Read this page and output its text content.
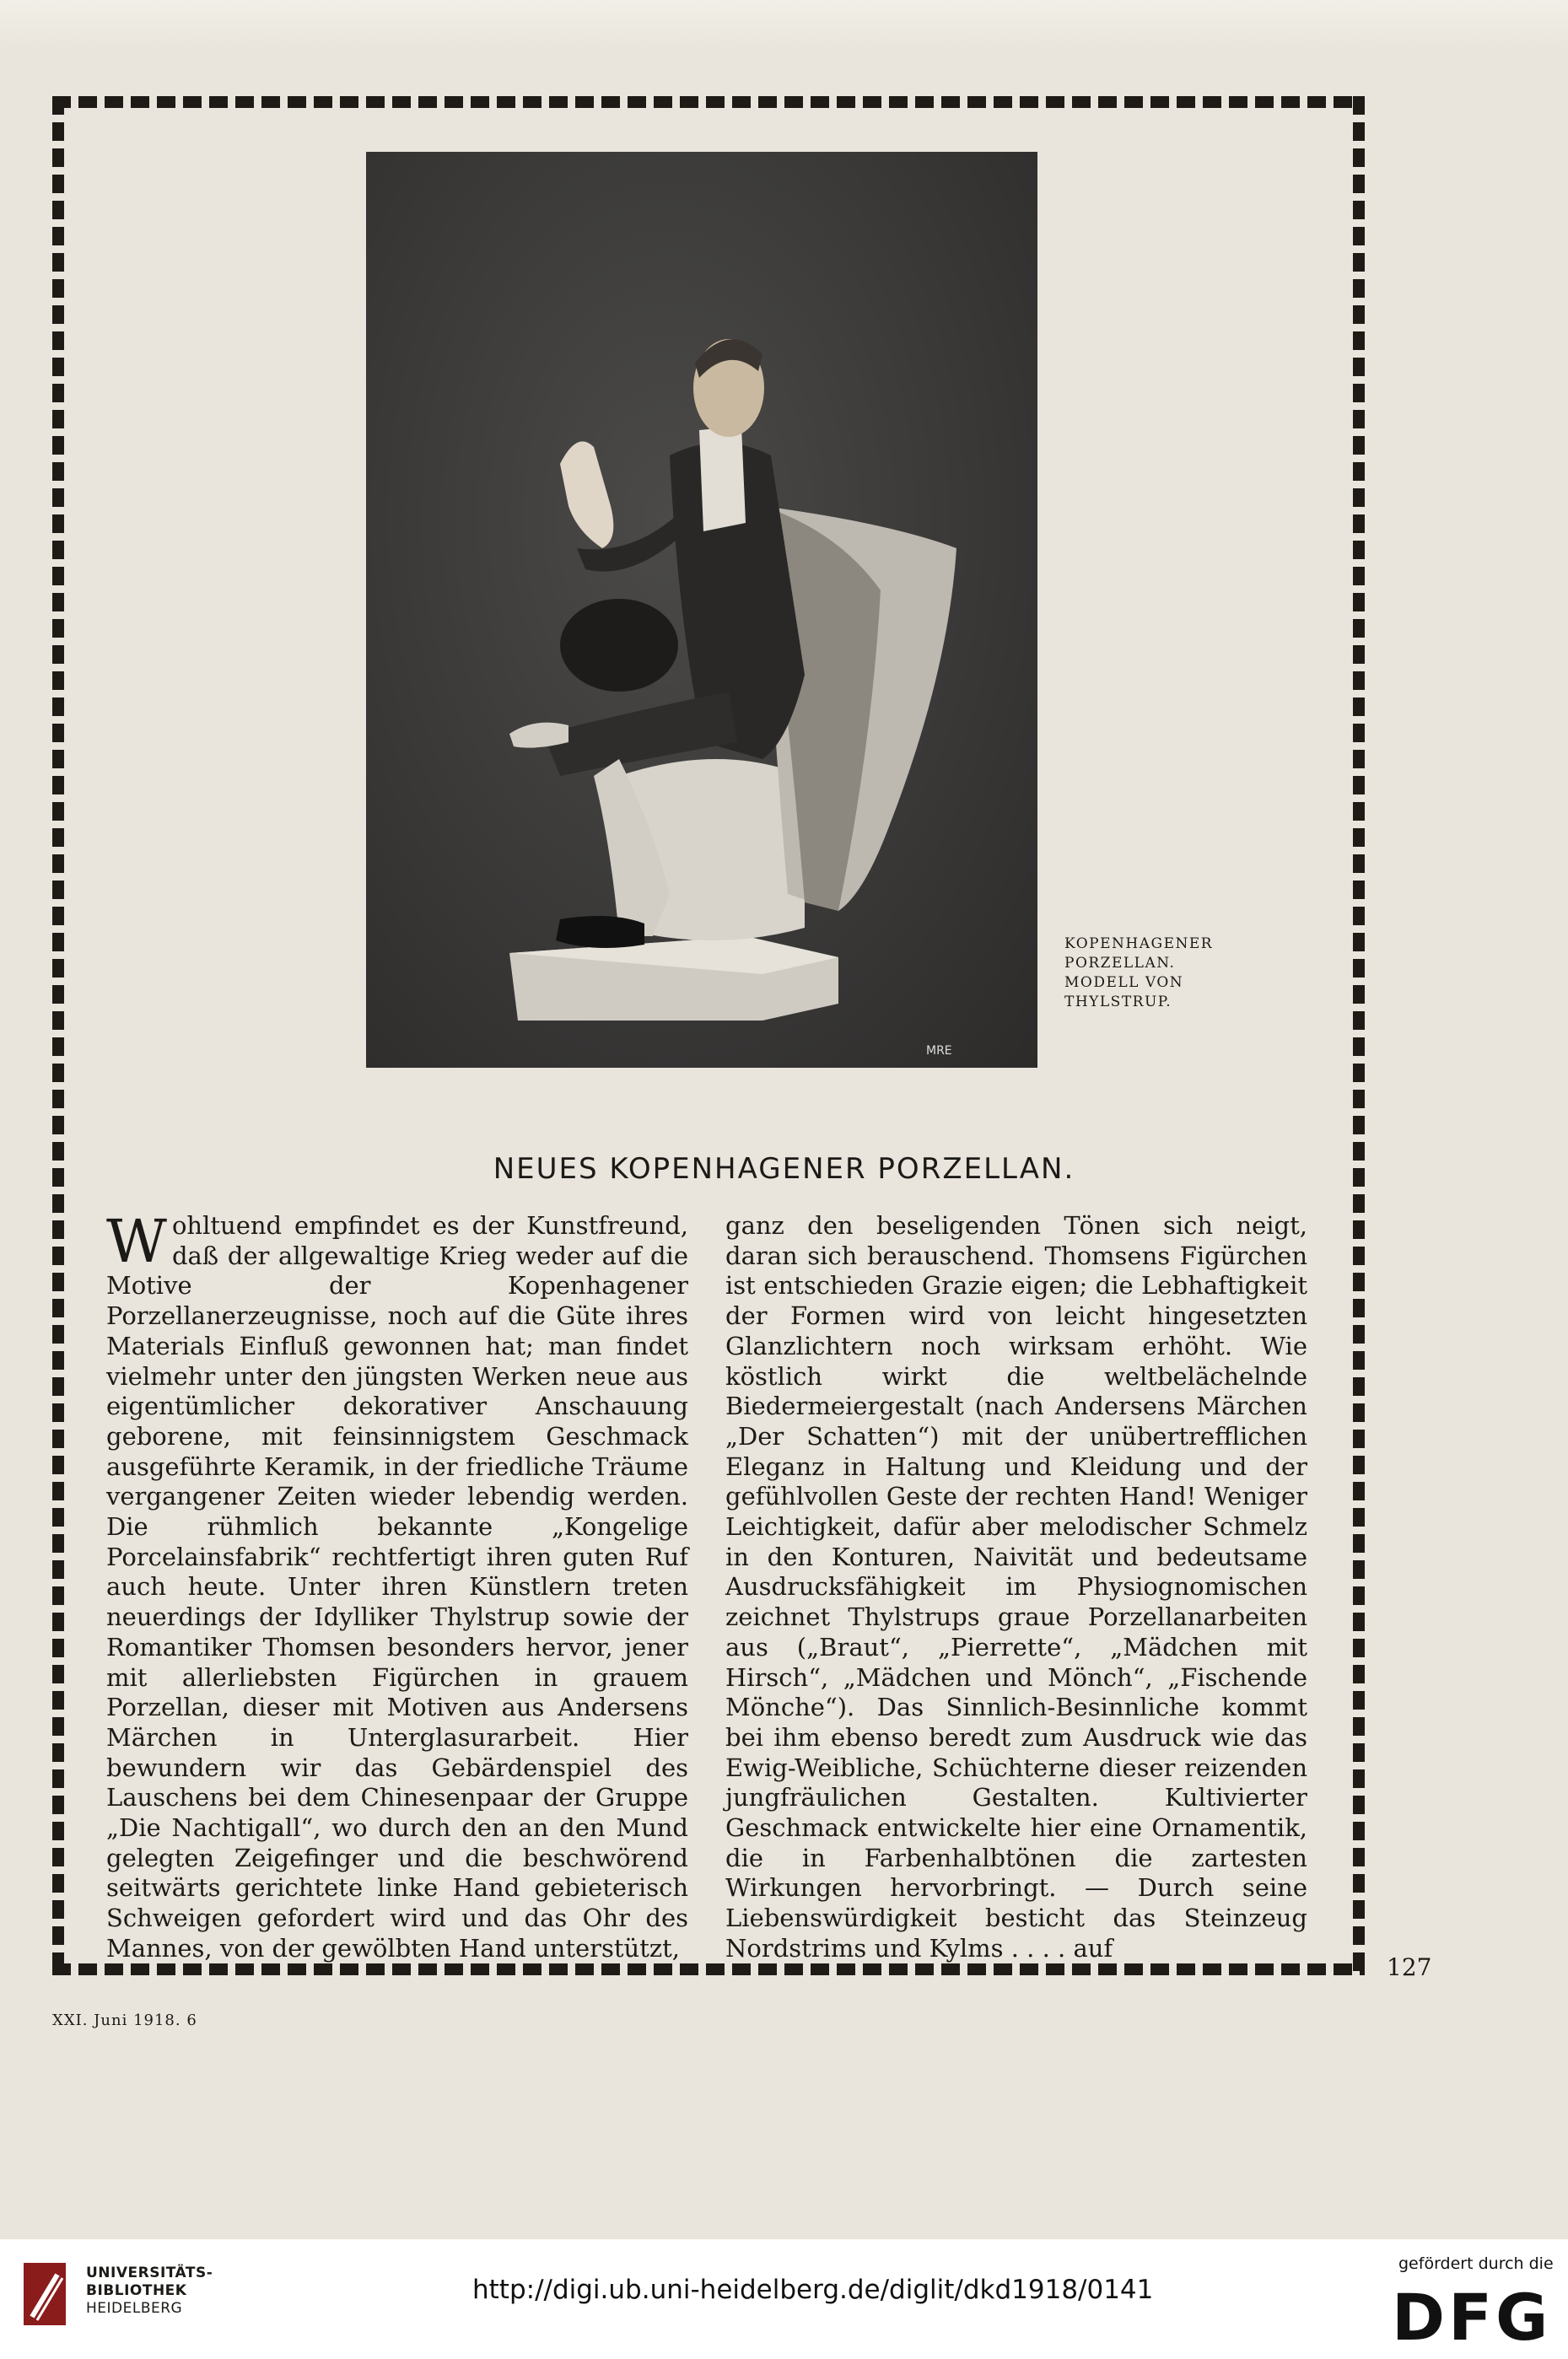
MRE
KOPENHAGENER
PORZELLAN.
MODELL VON
THYLSTRUP.
NEUES KOPENHAGENER PORZELLAN.
Wohltuend empfindet es der Kunstfreund, daß der allgewaltige Krieg weder auf die Motive der Kopenhagener Porzellanerzeugnisse, noch auf die Güte ihres Materials Einfluß gewonnen hat; man findet vielmehr unter den jüngsten Werken neue aus eigentümlicher dekorativer Anschauung geborene, mit feinsinnigstem Geschmack ausgeführte Keramik, in der friedliche Träume vergangener Zeiten wieder lebendig werden. Die rühmlich bekannte „Kongelige Porcelainsfabrik“ rechtfertigt ihren guten Ruf auch heute. Unter ihren Künstlern treten neuerdings der Idylliker Thylstrup sowie der Romantiker Thomsen besonders hervor, jener mit allerliebsten Figürchen in grauem Porzellan, dieser mit Motiven aus Andersens Märchen in Unterglasurarbeit. Hier bewundern wir das Gebärdenspiel des Lauschens bei dem Chinesenpaar der Gruppe „Die Nachtigall“, wo durch den an den Mund gelegten Zeigefinger und die beschwörend seitwärts gerichtete linke Hand gebieterisch Schweigen gefordert wird und das Ohr des Mannes, von der gewölbten Hand unterstützt,
ganz den beseligenden Tönen sich neigt, daran sich berauschend. Thomsens Figürchen ist entschieden Grazie eigen; die Lebhaftigkeit der Formen wird von leicht hingesetzten Glanzlichtern noch wirksam erhöht. Wie köstlich wirkt die weltbelächelnde Biedermeiergestalt (nach Andersens Märchen „Der Schatten“) mit der unübertrefflichen Eleganz in Haltung und Kleidung und der gefühlvollen Geste der rechten Hand! Weniger Leichtigkeit, dafür aber melodischer Schmelz in den Konturen, Naivität und bedeutsame Ausdrucksfähigkeit im Physiognomischen zeichnet Thylstrups graue Porzellanarbeiten aus („Braut“, „Pierrette“, „Mädchen mit Hirsch“, „Mädchen und Mönch“, „Fischende Mönche“). Das Sinnlich-Besinnliche kommt bei ihm ebenso beredt zum Ausdruck wie das Ewig-Weibliche, Schüchterne dieser reizenden jungfräulichen Gestalten. Kultivierter Geschmack entwickelte hier eine Ornamentik, die in Farbenhalbtönen die zartesten Wirkungen hervorbringt. — Durch seine Liebenswürdigkeit besticht das Steinzeug Nordstrims und Kylms . . . . auf
127
XXI. Juni 1918. 6
UNIVERSITÄTS-
BIBLIOTHEK
HEIDELBERG
http://digi.ub.uni-heidelberg.de/diglit/dkd1918/0141
gefördert durch die
DFG
